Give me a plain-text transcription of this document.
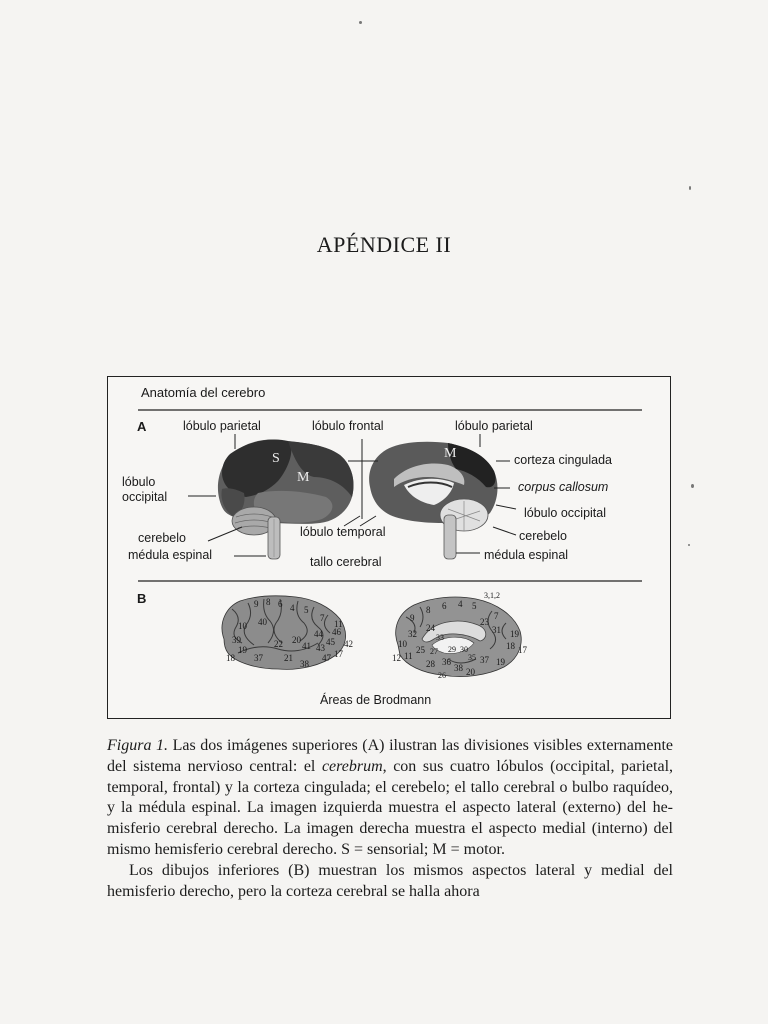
APÉNDICE II
Anatomía del cerebro
A
B
lóbulo parietal	lóbulo frontal	lóbulo parietal
lóbulo
occipital
cerebelo
médula espinal
lóbulo temporal
tallo cerebral
corteza cingulada
corpus callosum
lóbulo occipital
cerebelo
médula espinal
S
M
M
9 8 6 4 5
7
10
46
45
44
43
40
39	22
21
37
19
18	17
38
20
41	42
11
47
3,1,2
8 6 4 5
7
9
24
23
31
32
10
33	19
18 17
11
25
12
28
27
36	37
38
19
20
26
29 30
35
Áreas de Brodmann

Figura 1. Las dos imágenes superiores (A) ilustran las divisiones visibles externamente del sistema nervioso central: el cerebrum, con sus cuatro lóbulos (occipital, parietal, temporal, frontal) y la corteza cingulada; el cerebelo; el tallo cerebral o bulbo raquídeo, y la médula espinal. La imagen izquierda muestra el aspecto lateral (externo) del hemisferio cerebral derecho. La imagen derecha muestra el aspecto medial (interno) del mismo hemisferio cerebral derecho. S = sensorial; M = motor.

Los dibujos inferiores (B) muestran los mismos aspectos lateral y medial del hemisferio derecho, pero la corteza cerebral se halla ahora
